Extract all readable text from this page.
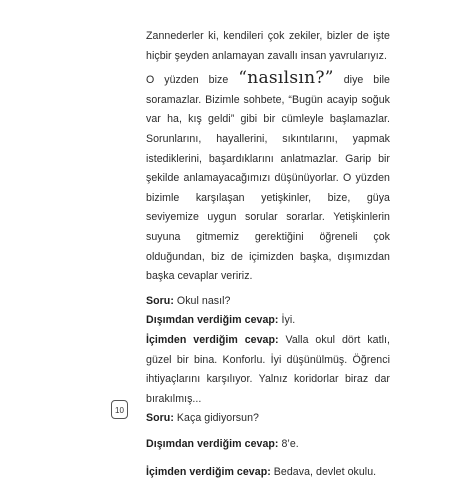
Zannederler ki, kendileri çok zekiler, bizler de işte hiçbir şeyden anlamayan zavallı insan yavrularıyız.

O yüzden bize “nasılsın?” diye bile soramazlar. Bizimle sohbete, “Bugün acayip soğuk var ha, kış geldi” gibi bir cümleyle başlamazlar. Sorunlarını, hayallerini, sıkıntılarını, yapmak istediklerini, başardıklarını anlatmazlar. Garip bir şekilde anlamayacağımızı düşünüyorlar. O yüzden bizimle karşılaşan yetişkinler, bize, güya seviyemize uygun sorular sorarlar. Yetişkinlerin suyuna gitmemiz gerektiğini öğreneli çok olduğundan, biz de içimizden başka, dışımızdan başka cevaplar veririz.

Soru: Okul nasıl?

Dışımdan verdiğim cevap: İyi.

İçimden verdiğim cevap: Valla okul dört katlı, güzel bir bina. Konforlu. İyi düşünülmüş. Öğrenci ihtiyaçlarını karşılıyor. Yalnız koridorlar biraz dar bırakılmış...

Soru: Kaça gidiyorsun?

Dışımdan verdiğim cevap: 8’e.

İçimden verdiğim cevap: Bedava, devlet okulu.

10
